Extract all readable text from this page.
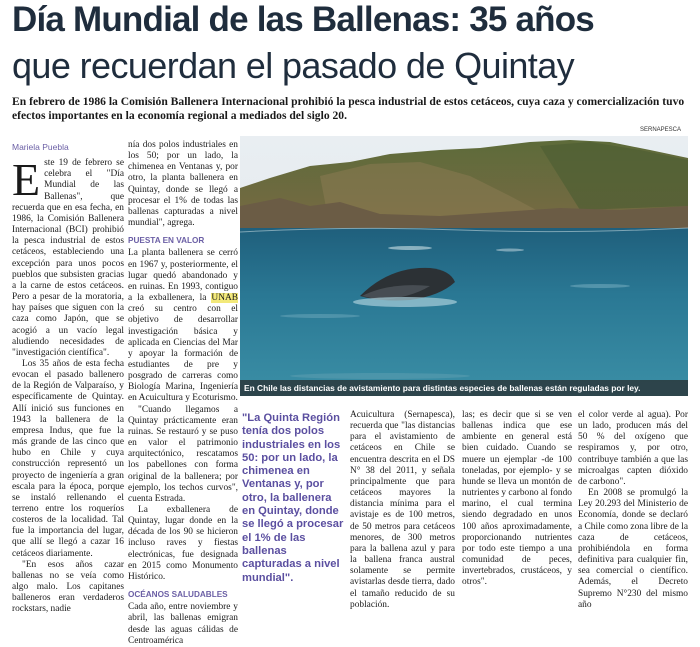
Día Mundial de las Ballenas: 35 años
que recuerdan el pasado de Quintay
En febrero de 1986 la Comisión Ballenera Internacional prohibió la pesca industrial de estos cetáceos, cuya caza y comercialización tuvo efectos importantes en la economía regional a mediados del siglo 20.
Mariela Puebla

Este 19 de febrero se celebra el "Día Mundial de las Ballenas", que recuerda que en esa fecha, en 1986, la Comisión Ballenera Internacional (BCI) prohibió la pesca industrial de estos cetáceos, estableciendo una excepción para unos pocos pueblos que subsisten gracias a la carne de estos cetáceos. Pero a pesar de la moratoria, hay países que siguen con la caza como Japón, que se acogió a un vacío legal aludiendo necesidades de "investigación científica".

Los 35 años de esta fecha evocan el pasado ballenero de la Región de Valparaíso, y específicamente de Quintay. Allí inició sus funciones en 1943 la ballenera de la empresa Indus, que fue la más grande de las cinco que hubo en Chile y cuya construcción representó un proyecto de ingeniería a gran escala para la época, porque se instaló rellenando el terreno entre los roqueríos costeros de la localidad. Tal fue la importancia del lugar, que allí se llegó a cazar 16 cetáceos diariamente.

"En esos años cazar ballenas no se veía como algo malo. Los capitanes balleneros eran verdaderos rockstars, nadie

nía dos polos industriales en los 50; por un lado, la chimenea en Ventanas y, por otro, la planta ballenera en Quintay, donde se llegó a procesar el 1% de todas las ballenas capturadas a nivel mundial", agrega.

PUESTA EN VALOR

La planta ballenera se cerró en 1967 y, posteriormente, el lugar quedó abandonado y en ruinas. En 1993, contiguo a la exballenera, la UNAB creó su centro con el objetivo de desarrollar investigación básica y aplicada en Ciencias del Mar y apoyar la formación de estudiantes de pre y posgrado de carreras como Biología Marina, Ingeniería en Acuicultura y Ecoturismo.

"Cuando llegamos a Quintay prácticamente eran ruinas. Se restauró y se puso en valor el patrimonio arquitectónico, rescatamos los pabellones con forma original de la ballenera; por ejemplo, los techos curvos", cuenta Estrada.

La exballenera de Quintay, lugar donde en la década de los 90 se hicieron incluso raves y fiestas electrónicas, fue designada en 2015 como Monumento Histórico.

OCÉANOS SALUDABLES

Cada año, entre noviembre y abril, las ballenas emigran desde las aguas cálidas de Centroamérica

SERNAPESCA
En Chile las distancias de avistamiento para distintas especies de ballenas están reguladas por ley.
"La Quinta Región tenía dos polos industriales en los 50: por un lado, la chimenea en Ventanas y, por otro, la ballenera en Quintay, donde se llegó a procesar el 1% de las ballenas capturadas a nivel mundial".

Acuicultura (Sernapesca), recuerda que "las distancias para el avistamiento de cetáceos en Chile se encuentra descrita en el DS N° 38 del 2011, y señala principalmente que para cetáceos mayores la distancia mínima para el avistaje es de 100 metros, de 50 metros para cetáceos menores, de 300 metros para la ballena azul y para la ballena franca austral solamente se permite avistarlas desde tierra, dado el tamaño reducido de su población.

las; es decir que si se ven ballenas indica que ese ambiente en general está bien cuidado. Cuando se muere un ejemplar -de 100 toneladas, por ejemplo- y se hunde se lleva un montón de nutrientes y carbono al fondo marino, el cual termina siendo degradado en unos 100 años aproximadamente, proporcionando nutrientes por todo este tiempo a una comunidad de peces, invertebrados, crustáceos, y otros".

el color verde al agua). Por un lado, producen más del 50 % del oxígeno que respiramos y, por otro, contribuye también a que las microalgas capten dióxido de carbono".

En 2008 se promulgó la Ley 20.293 del Ministerio de Economía, donde se declaró a Chile como zona libre de la caza de cetáceos, prohibiéndola en forma definitiva para cualquier fin, sea comercial o científico. Además, el Decreto Supremo N°230 del mismo año
